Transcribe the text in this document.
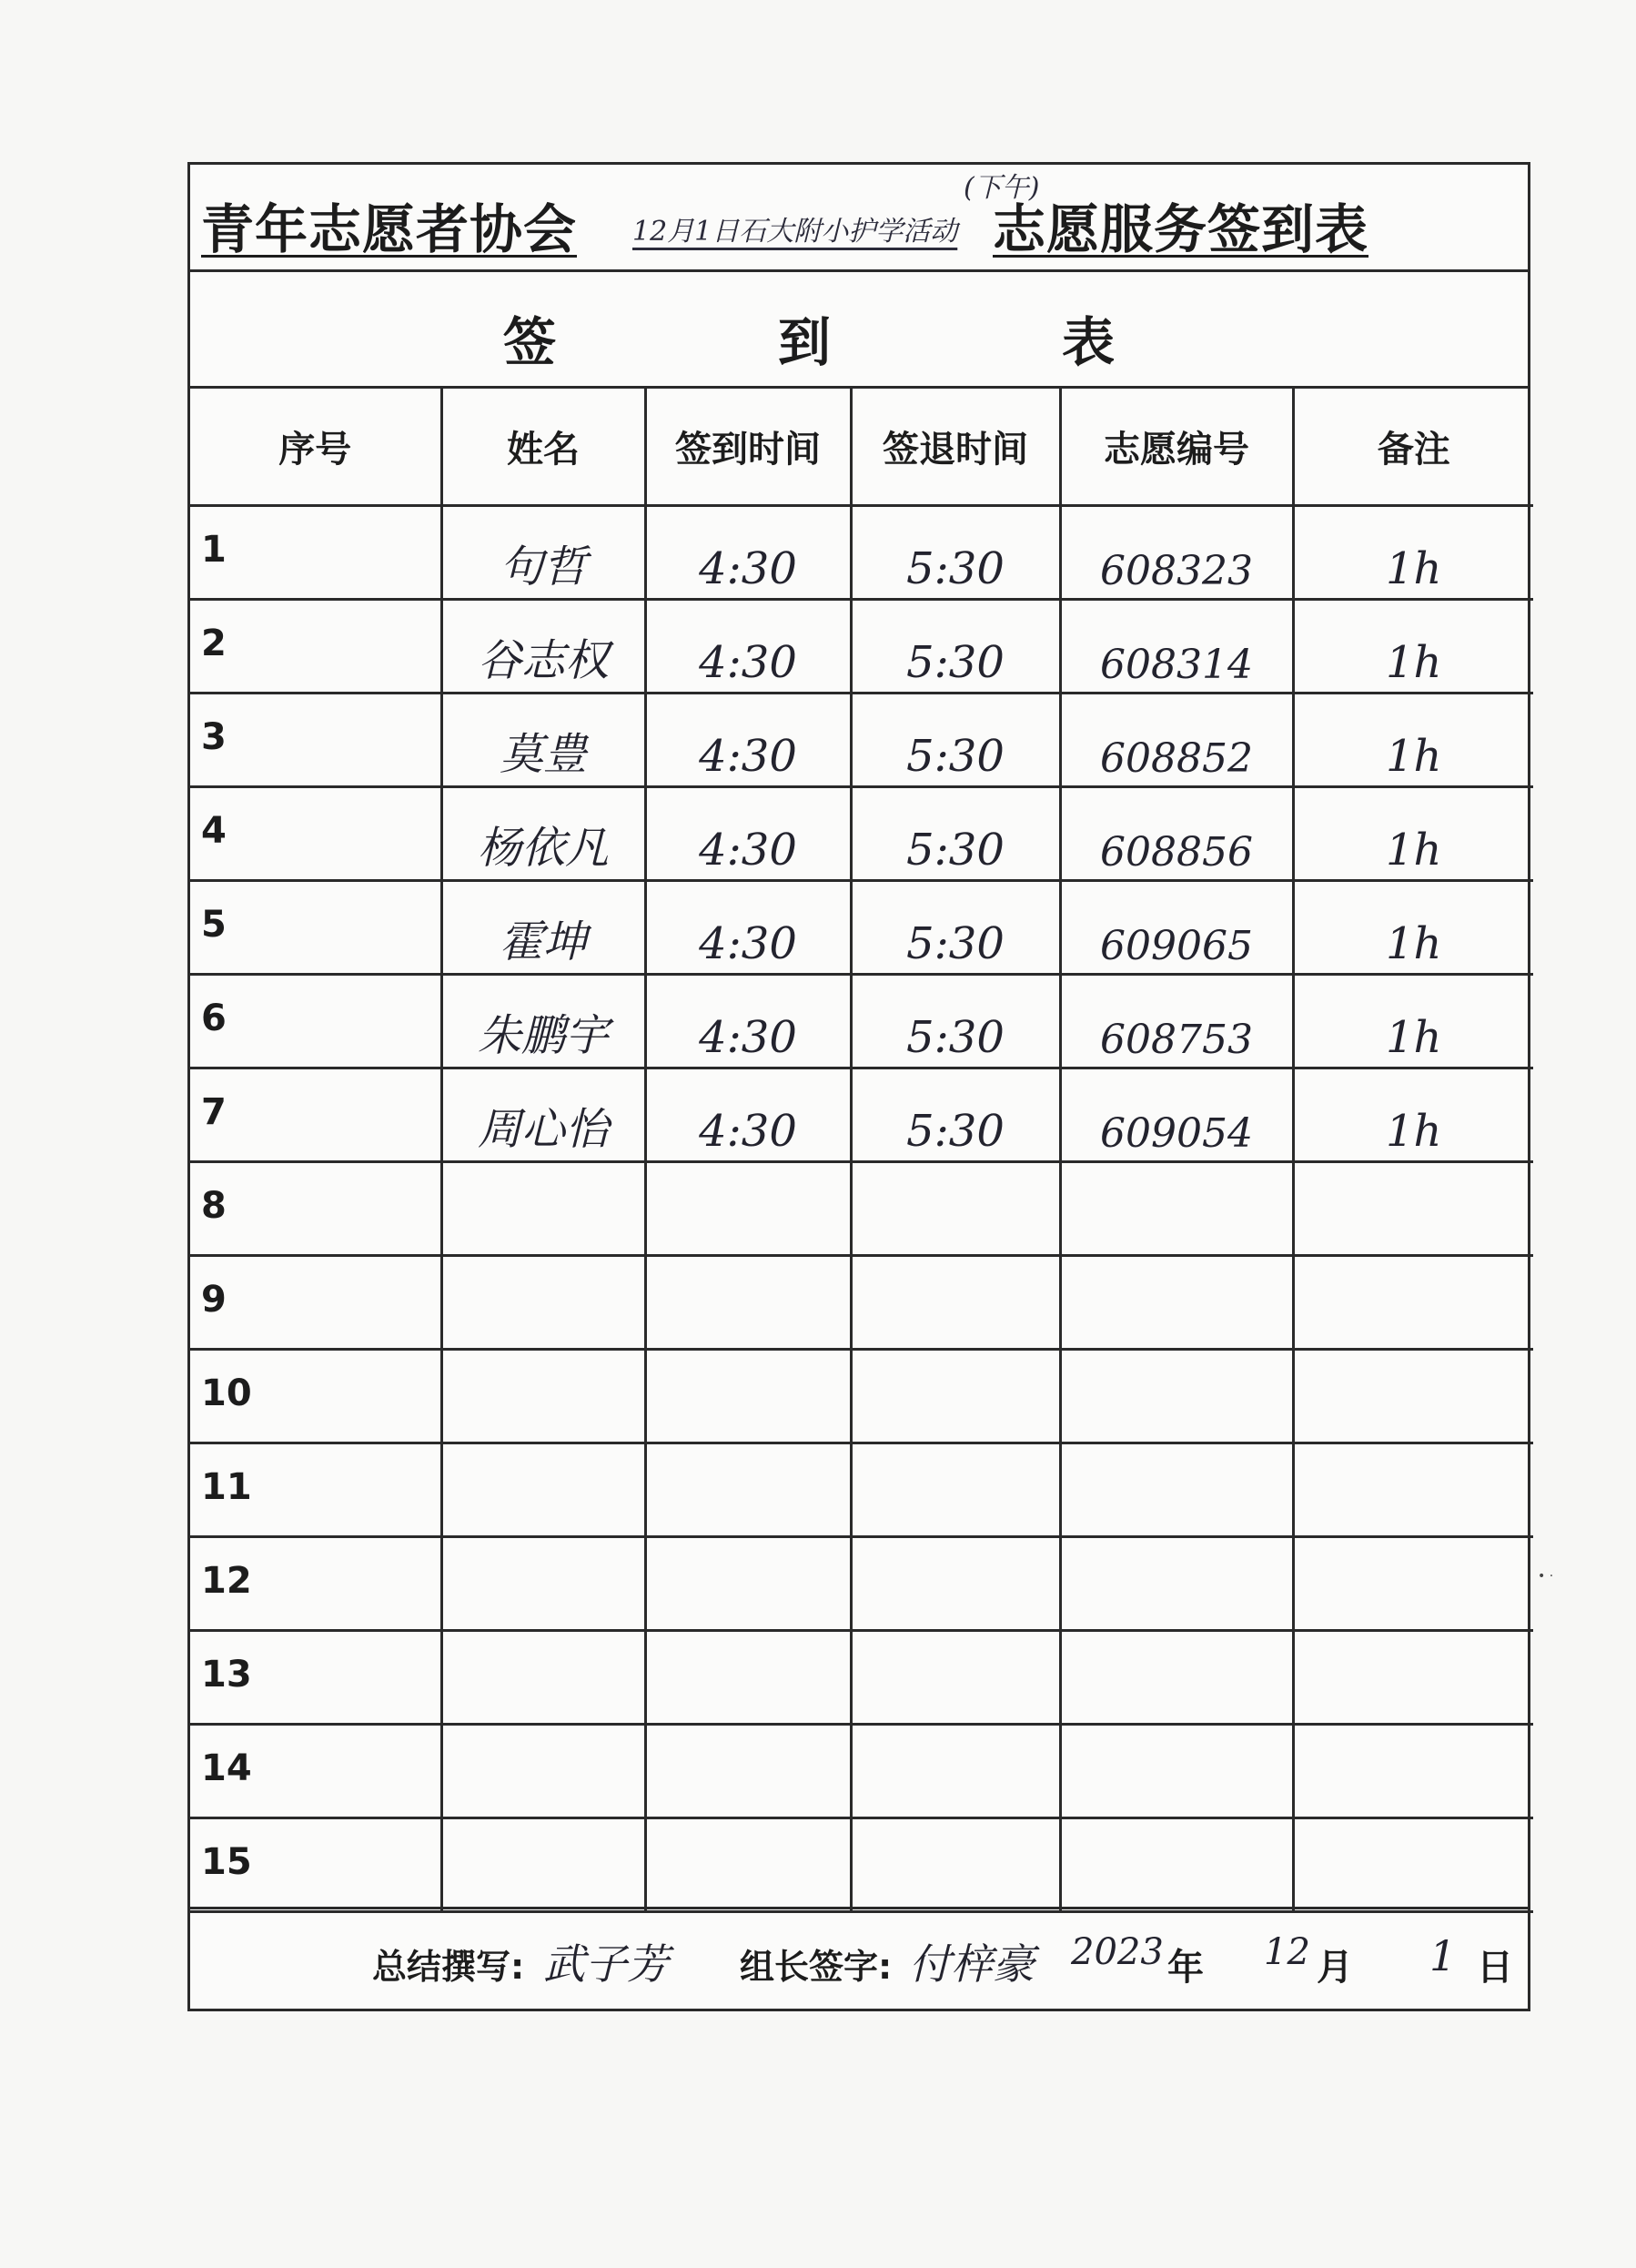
青年志愿者协会 12月1日石大附小护学活动
(下午)
志愿服务签到表
签	到	表
序号	姓名	签到时间	签退时间	志愿编号	备注
1	句哲	4:30	5:30	608323	1h
2	谷志权	4:30	5:30	608314	1h
3	莫豊	4:30	5:30	608852	1h
4	杨依凡	4:30	5:30	608856	1h
5	霍坤	4:30	5:30	609065	1h
6	朱鹏宇	4:30	5:30	608753	1h
7	周心怡	4:30	5:30	609054	1h
8					
9					
10					
11					
12					
13					
14					
15					
总结撰写: 武子芳 组长签字: 付梓豪 2023 年 12 月 1 日
• ·
